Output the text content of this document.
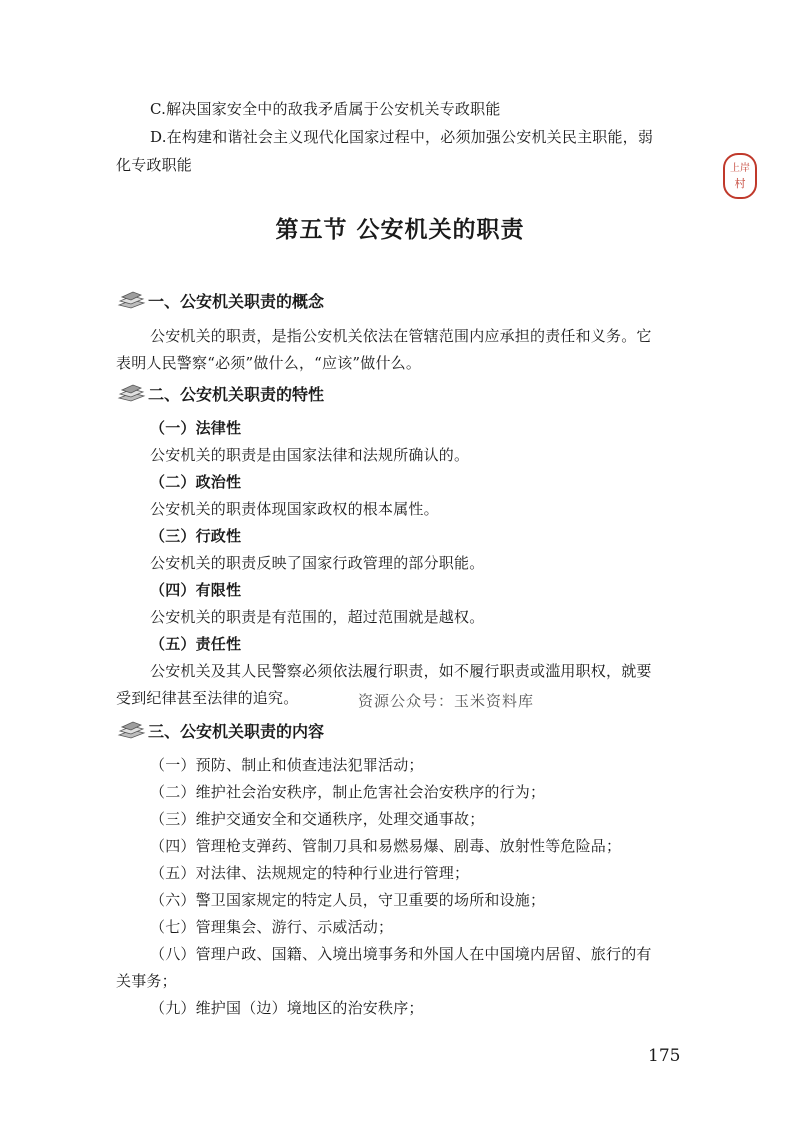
C.解决国家安全中的敌我矛盾属于公安机关专政职能
D.在构建和谐社会主义现代化国家过程中，必须加强公安机关民主职能，弱
化专政职能	上岸
村
第五节 公安机关的职责
一、公安机关职责的概念
公安机关的职责，是指公安机关依法在管辖范围内应承担的责任和义务。它
表明人民警察“必须”做什么，“应该”做什么。
二、公安机关职责的特性
（一）法律性
公安机关的职责是由国家法律和法规所确认的。
（二）政治性
公安机关的职责体现国家政权的根本属性。
（三）行政性
公安机关的职责反映了国家行政管理的部分职能。
（四）有限性
公安机关的职责是有范围的，超过范围就是越权。
（五）责任性
公安机关及其人民警察必须依法履行职责，如不履行职责或滥用职权，就要
受到纪律甚至法律的追究。	资源公众号：玉米资料库
三、公安机关职责的内容
（一）预防、制止和侦查违法犯罪活动；
（二）维护社会治安秩序，制止危害社会治安秩序的行为；
（三）维护交通安全和交通秩序，处理交通事故；
（四）管理枪支弹药、管制刀具和易燃易爆、剧毒、放射性等危险品；
（五）对法律、法规规定的特种行业进行管理；
（六）警卫国家规定的特定人员，守卫重要的场所和设施；
（七）管理集会、游行、示威活动；
（八）管理户政、国籍、入境出境事务和外国人在中国境内居留、旅行的有
关事务；
（九）维护国（边）境地区的治安秩序；
175
